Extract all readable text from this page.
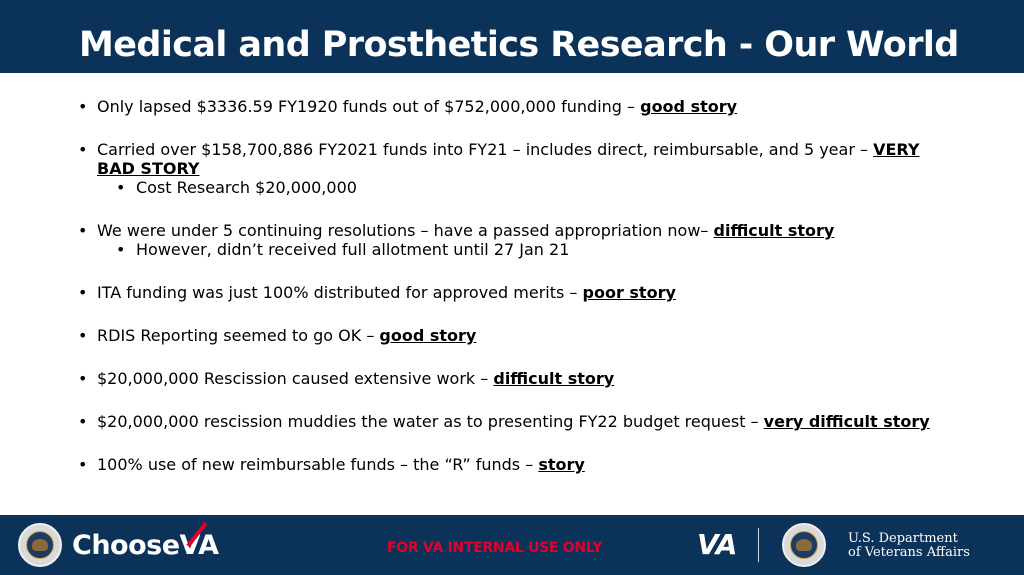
Medical and Prosthetics Research - Our World
• Only lapsed $3336.59 FY1920 funds out of $752,000,000 funding – good story
• Carried over $158,700,886 FY2021 funds into FY21 – includes direct, reimbursable, and 5 year – VERY BAD STORY
• Cost Research $20,000,000
• We were under 5 continuing resolutions – have a passed appropriation now– difficult story
• However, didn’t received full allotment until 27 Jan 21
• ITA funding was just 100% distributed for approved merits – poor story
• RDIS Reporting seemed to go OK – good story
• $20,000,000 Rescission caused extensive work – difficult story
• $20,000,000 rescission muddies the water as to presenting FY22 budget request – very difficult story
• 100% use of new reimbursable funds – the “R” funds – story
ChooseVA	FOR VA INTERNAL USE ONLY	VA	U.S. Department
of Veterans Affairs
